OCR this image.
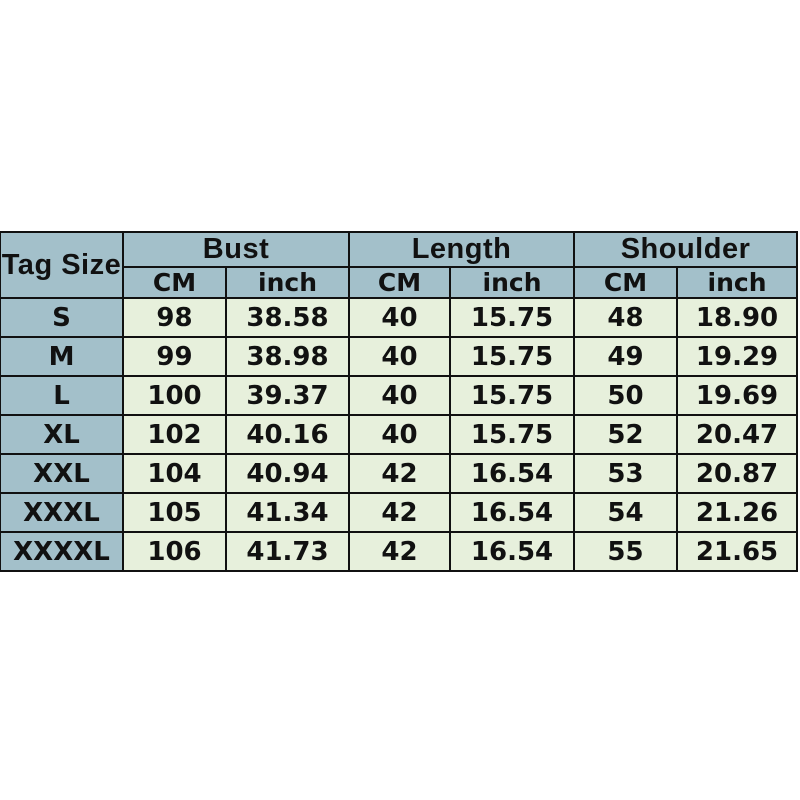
Tag Size	Bust		Length		Shoulder	
	CM	inch	CM	inch	CM	inch
S	98	38.58	40	15.75	48	18.90
M	99	38.98	40	15.75	49	19.29
L	100	39.37	40	15.75	50	19.69
XL	102	40.16	40	15.75	52	20.47
XXL	104	40.94	42	16.54	53	20.87
XXXL	105	41.34	42	16.54	54	21.26
XXXXL	106	41.73	42	16.54	55	21.65
